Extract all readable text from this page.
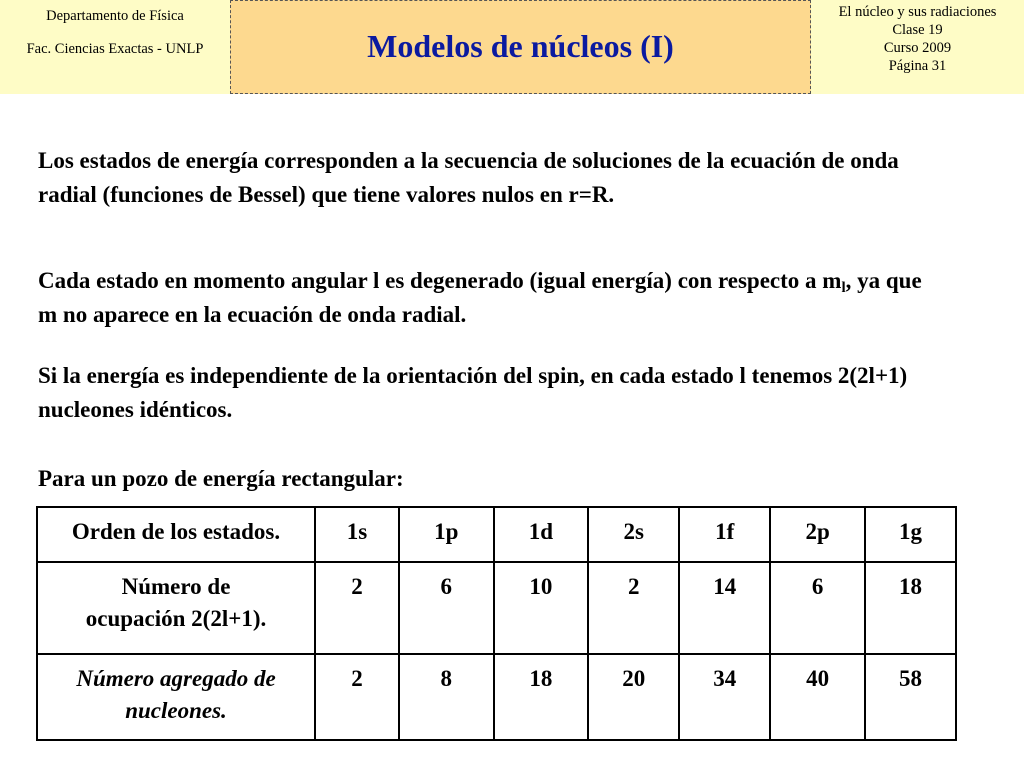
Departamento de Física
Fac. Ciencias Exactas - UNLP	Modelos de núcleos (I)
El núcleo y sus radiaciones
Clase 19
Curso 2009
Página 31
Los estados de energía corresponden a la secuencia de soluciones de la ecuación de onda radial (funciones de Bessel) que tiene valores nulos en r=R.
Cada estado en momento angular l es degenerado (igual energía) con respecto a $m_l$, ya que m no aparece en la ecuación de onda radial.
Si la energía es independiente de la orientación del spin, en cada estado l tenemos 2(2l+1) nucleones idénticos.
Para un pozo de energía rectangular:
Orden de los estados.	1s	1p	1d	2s	1f	2p	1g

Número de
ocupación 2(2l+1).	2	6	10	2	14	6	18

Número agregado de
nucleones.	2	8	18	20	34	40	58
